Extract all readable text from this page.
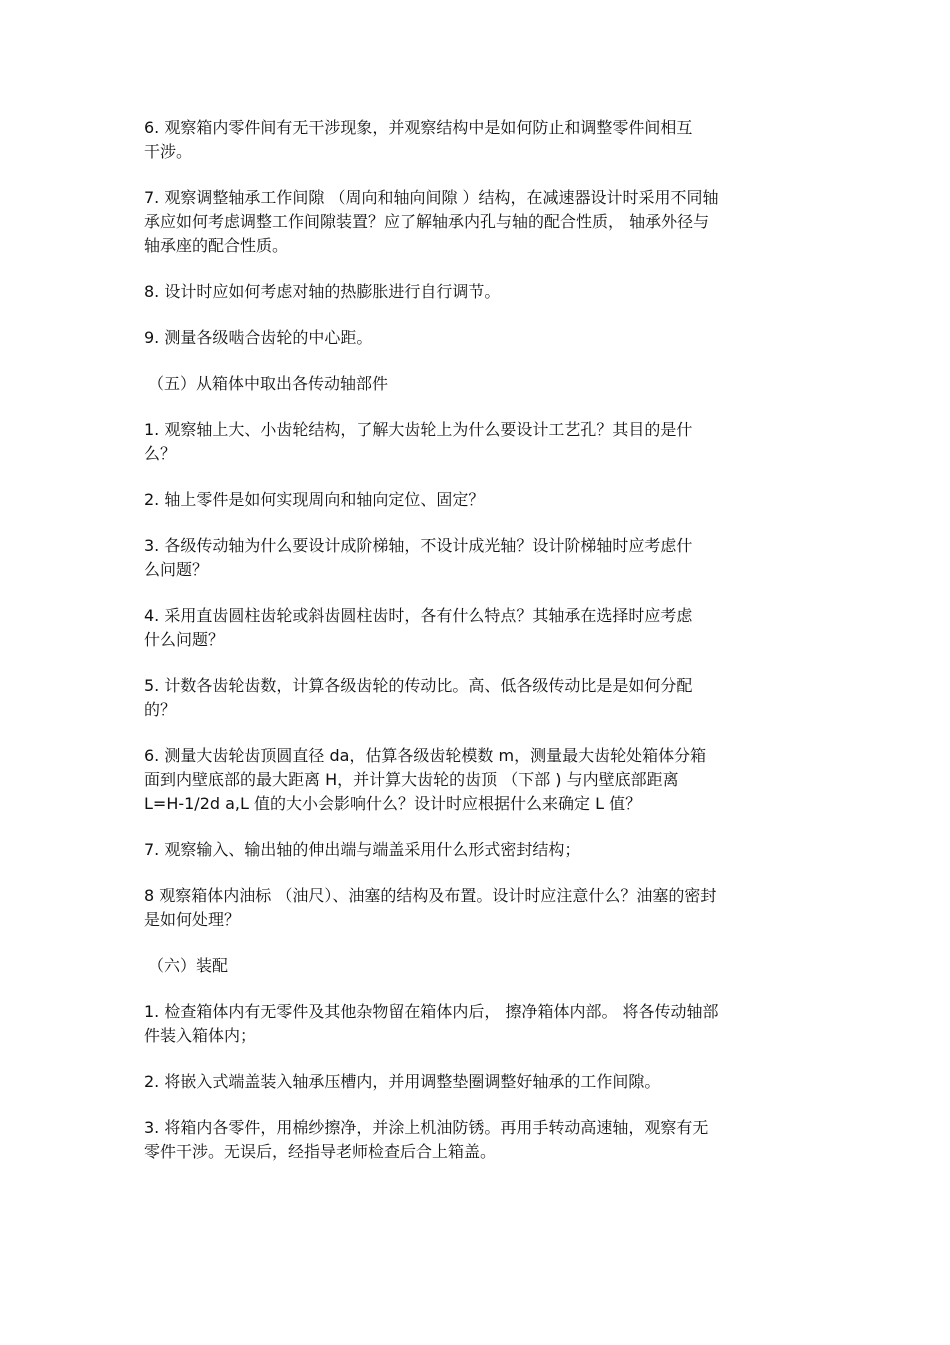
6. 观察箱内零件间有无干涉现象，并观察结构中是如何防止和调整零件间相互
干涉。
7. 观察调整轴承工作间隙 （周向和轴向间隙 ）结构，在减速器设计时采用不同轴
承应如何考虑调整工作间隙装置？应了解轴承内孔与轴的配合性质， 轴承外径与
轴承座的配合性质。
8. 设计时应如何考虑对轴的热膨胀进行自行调节。
9. 测量各级啮合齿轮的中心距。
（五）从箱体中取出各传动轴部件
1. 观察轴上大、小齿轮结构，了解大齿轮上为什么要设计工艺孔？其目的是什
么？
2. 轴上零件是如何实现周向和轴向定位、固定？
3. 各级传动轴为什么要设计成阶梯轴，不设计成光轴？设计阶梯轴时应考虑什
么问题？
4. 采用直齿圆柱齿轮或斜齿圆柱齿时，各有什么特点？其轴承在选择时应考虑
什么问题？
5. 计数各齿轮齿数，计算各级齿轮的传动比。高、低各级传动比是是如何分配
的？
6. 测量大齿轮齿顶圆直径 da，估算各级齿轮模数 m，测量最大齿轮处箱体分箱
面到内壁底部的最大距离 H，并计算大齿轮的齿顶 （下部 ) 与内壁底部距离
L=H-1/2d a,L 值的大小会影响什么？设计时应根据什么来确定 L 值？
7. 观察输入、输出轴的伸出端与端盖采用什么形式密封结构；
8 观察箱体内油标 （油尺）、油塞的结构及布置。设计时应注意什么？油塞的密封
是如何处理？
（六）装配
1. 检查箱体内有无零件及其他杂物留在箱体内后， 擦净箱体内部。 将各传动轴部
件装入箱体内；
2. 将嵌入式端盖装入轴承压槽内，并用调整垫圈调整好轴承的工作间隙。
3. 将箱内各零件，用棉纱擦净，并涂上机油防锈。再用手转动高速轴，观察有无
零件干涉。无误后，经指导老师检查后合上箱盖。
